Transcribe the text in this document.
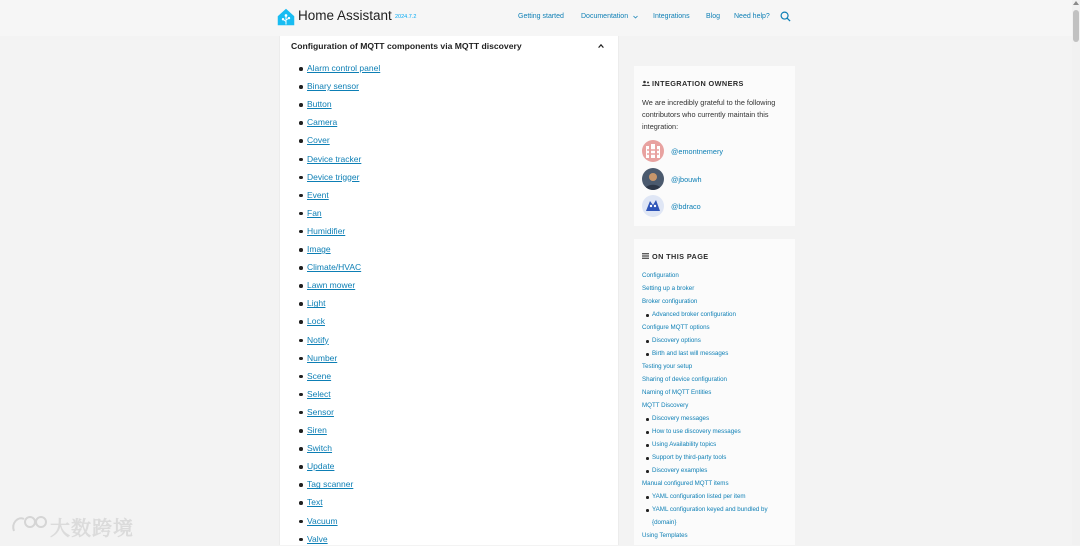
Home Assistant 2024.7.2	Getting started Documentation	Integrations Blog Need help?
Configuration of MQTT components via MQTT discovery
Alarm control panel
Binary sensor
Button
Camera
Cover
Device tracker
Device trigger
Event
Fan
Humidifier
Image
Climate/HVAC
Lawn mower
Light
Lock
Notify
Number
Scene
Select
Sensor
Siren
Switch
Update
Tag scanner
Text
Vacuum
Valve
INTEGRATION OWNERS
We are incredibly grateful to the following contributors who currently maintain this integration:
@emontnemery
@jbouwh
@bdraco
ON THIS PAGE
Configuration
Setting up a broker
Broker configuration
Advanced broker configuration
Configure MQTT options
Discovery options
Birth and last will messages
Testing your setup
Sharing of device configuration
Naming of MQTT Entities
MQTT Discovery
Discovery messages
How to use discovery messages
Using Availability topics
Support by third-party tools
Discovery examples
Manual configured MQTT items
YAML configuration listed per item
YAML configuration keyed and bundled by
{domain}
Using Templates
大数跨境
